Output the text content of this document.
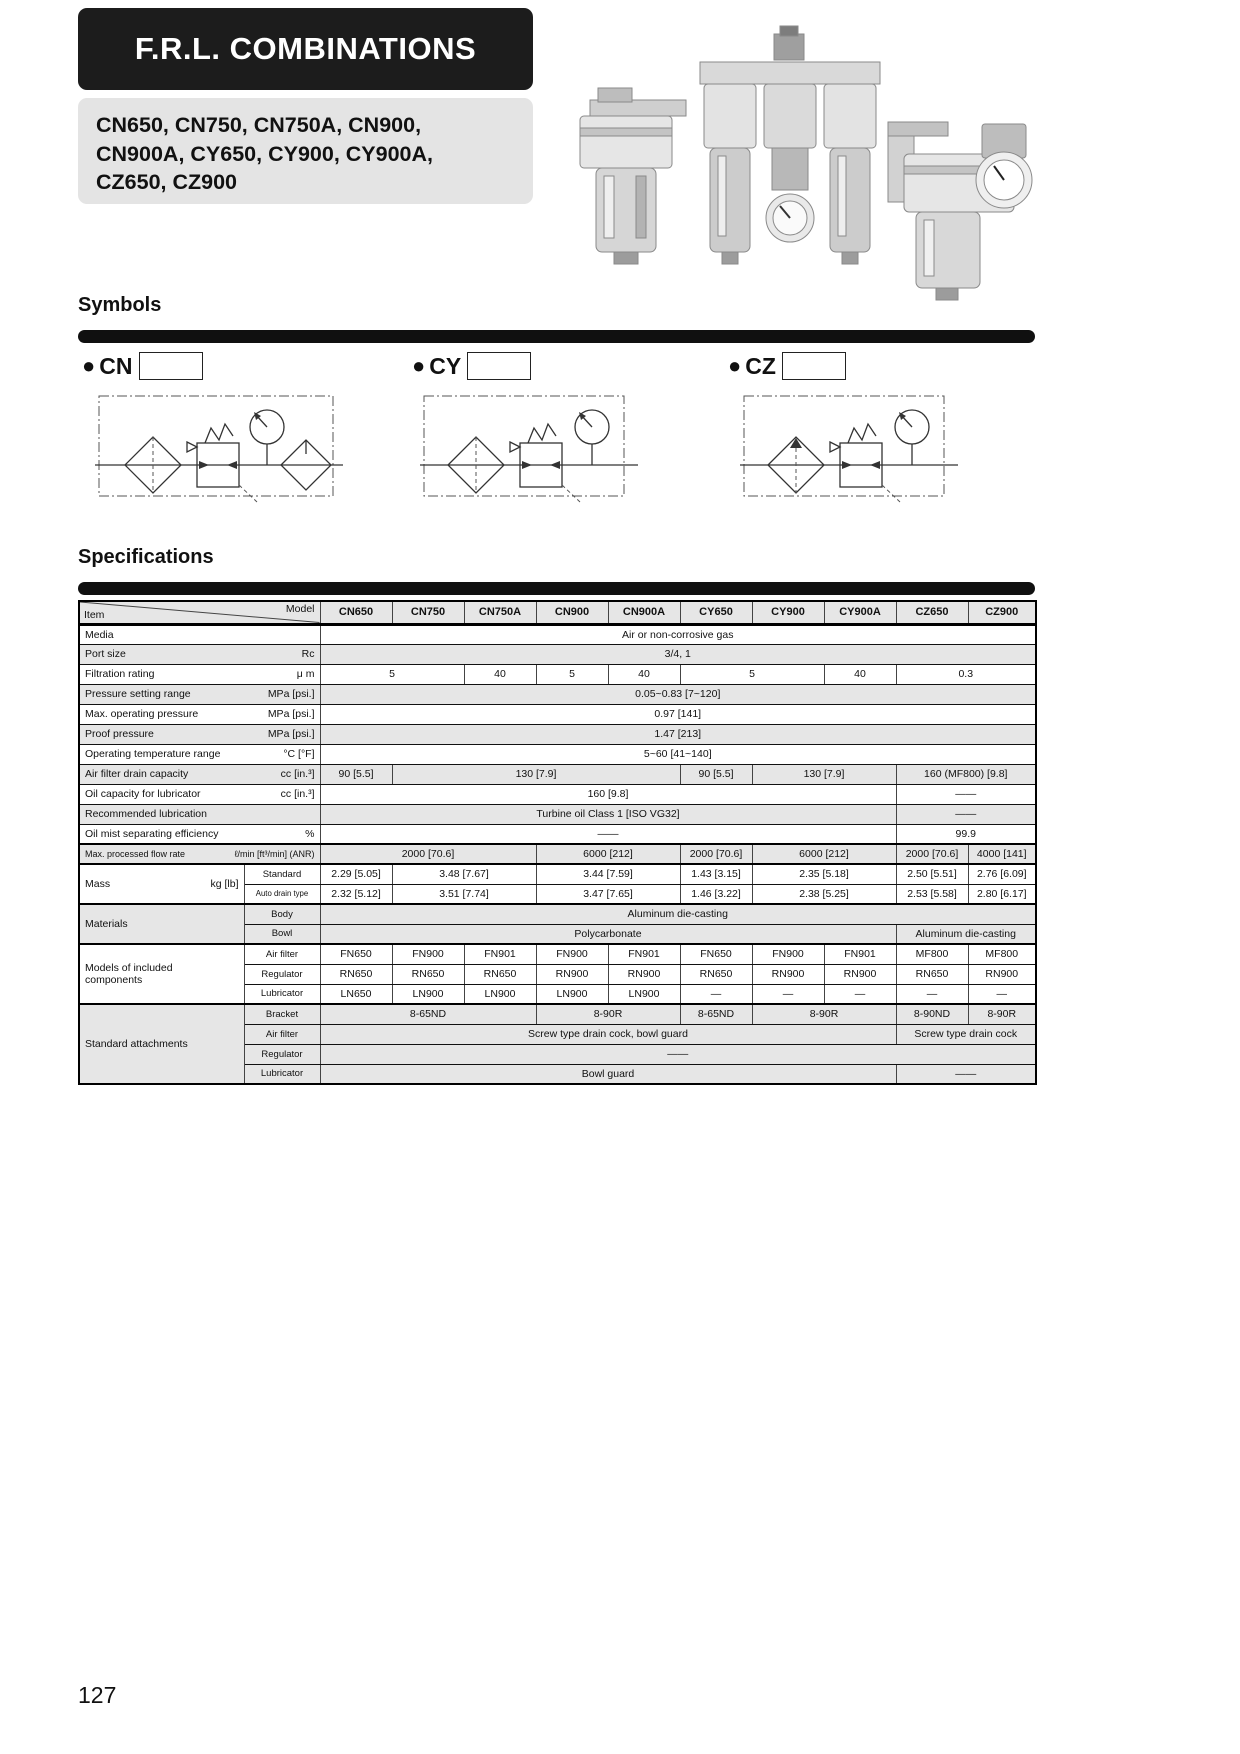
F.R.L. COMBINATIONS
CN650, CN750, CN750A, CN900,
CN900A, CY650, CY900, CY900A,
CZ650, CZ900
Symbols
● CN	● CY	● CZ
Specifications
Item Model		CN650	CN750	CN750A	CN900	CN900A	CY650	CY900	CY900A	CZ650	CZ900

Media		Air or non-corrosive gas									

Port size Rc		3/4, 1									

Filtration rating μ m		5		40	5	40	5		40	0.3	

Pressure setting range MPa [psi.]		0.05~0.83 [7~120]									

Max. operating pressure MPa [psi.]		0.97 [141]									

Proof pressure MPa [psi.]		1.47 [213]									

Operating temperature range °C [°F]		5~60 [41~140]									

Air filter drain capacity cc [in.³]		90 [5.5]	130 [7.9]				90 [5.5]	130 [7.9]		160 (MF800) [9.8]	

Oil capacity for lubricator cc [in.³]		160 [9.8]								——	

Recommended lubrication		Turbine oil Class 1 [ISO VG32]								——	

Oil mist separating efficiency %		——								99.9	

Max. processed flow rate ℓ/min [ft³/min] (ANR)		2000 [70.6]			6000 [212]		2000 [70.6]	6000 [212]		2000 [70.6]	4000 [141]
Mass kg [lb]	Standard	2.29 [5.05]	3.48 [7.67]		3.44 [7.59]		1.43 [3.15]	2.35 [5.18]		2.50 [5.51]	2.76 [6.09]
	Auto drain type	2.32 [5.12]	3.51 [7.74]		3.47 [7.65]		1.46 [3.22]	2.38 [5.25]		2.53 [5.58]	2.80 [6.17]
Materials	Body	Aluminum die-casting									
	Bowl	Polycarbonate								Aluminum die-casting	
Models of included components	Air filter	FN650	FN900	FN901	FN900	FN901	FN650	FN900	FN901	MF800	MF800
	Regulator	RN650	RN650	RN650	RN900	RN900	RN650	RN900	RN900	RN650	RN900
	Lubricator	LN650	LN900	LN900	LN900	LN900	—	—	—	—	—
Standard attachments	Bracket	8-65ND			8-90R		8-65ND	8-90R		8-90ND	8-90R
	Air filter	Screw type drain cock, bowl guard								Screw type drain cock	
	Regulator	——									
	Lubricator	Bowl guard								——	
127
